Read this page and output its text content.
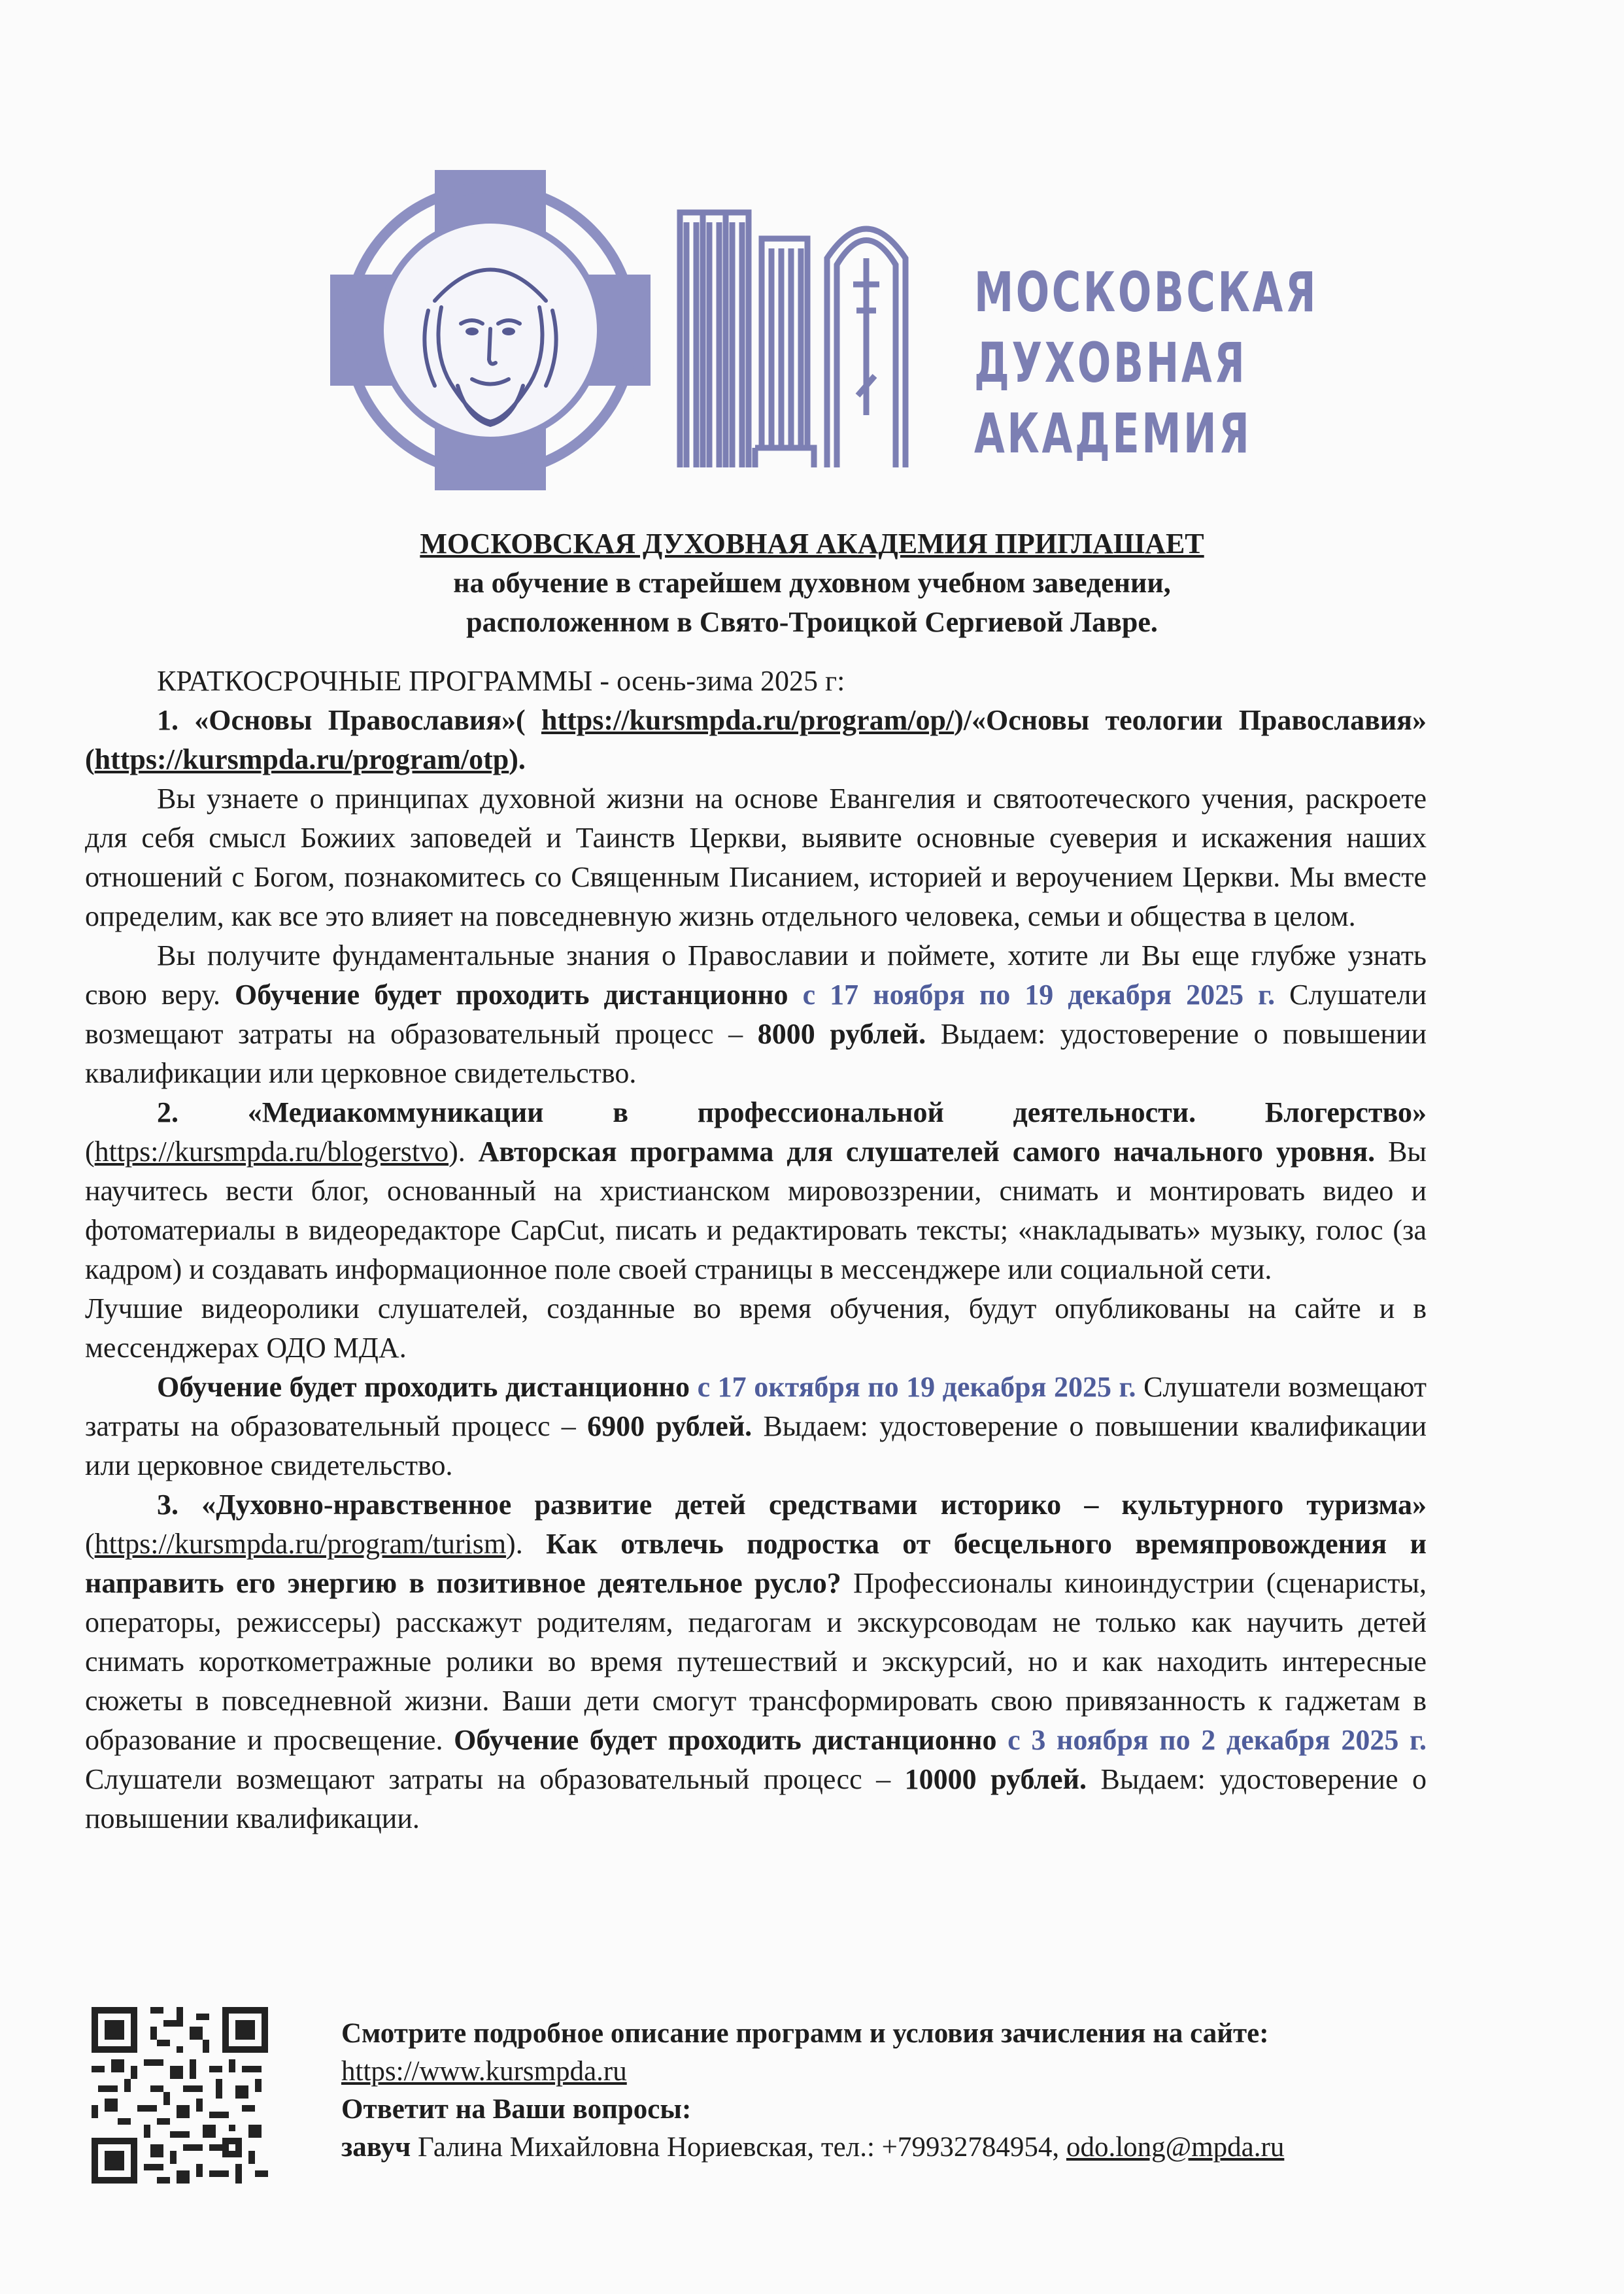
МОСКОВСКАЯ
ДУХОВНАЯ
АКАДЕМИЯ
МОСКОВСКАЯ ДУХОВНАЯ АКАДЕМИЯ ПРИГЛАШАЕТ
на обучение в старейшем духовном учебном заведении,
расположенном в Свято-Троицкой Сергиевой Лавре.

КРАТКОСРОЧНЫЕ ПРОГРАММЫ - осень-зима 2025 г:

1. «Основы Православия»( https://kursmpda.ru/program/op/)/«Основы теологии Православия» (https://kursmpda.ru/program/otp).

Вы узнаете о принципах духовной жизни на основе Евангелия и святоотеческого учения, раскроете для себя смысл Божиих заповедей и Таинств Церкви, выявите основные суеверия и искажения наших отношений с Богом, познакомитесь со Священным Писанием, историей и вероучением Церкви. Мы вместе определим, как все это влияет на повседневную жизнь отдельного человека, семьи и общества в целом.

Вы получите фундаментальные знания о Православии и поймете, хотите ли Вы еще глубже узнать свою веру. Обучение будет проходить дистанционно с 17 ноября по 19 декабря 2025 г. Слушатели возмещают затраты на образовательный процесс – 8000 рублей. Выдаем: удостоверение о повышении квалификации или церковное свидетельство.

2. «Медиакоммуникации в профессиональной деятельности. Блогерство» (https://kursmpda.ru/blogerstvo). Авторская программа для слушателей самого начального уровня. Вы научитесь вести блог, основанный на христианском мировоззрении, снимать и монтировать видео и фотоматериалы в видеоредакторе CapCut, писать и редактировать тексты; «накладывать» музыку, голос (за кадром) и создавать информационное поле своей страницы в мессенджере или социальной сети.

Лучшие видеоролики слушателей, созданные во время обучения, будут опубликованы на сайте и в мессенджерах ОДО МДА.

Обучение будет проходить дистанционно с 17 октября по 19 декабря 2025 г. Слушатели возмещают затраты на образовательный процесс – 6900 рублей. Выдаем: удостоверение о повышении квалификации или церковное свидетельство.

3. «Духовно-нравственное развитие детей средствами историко – культурного туризма» (https://kursmpda.ru/program/turism). Как отвлечь подростка от бесцельного времяпровождения и направить его энергию в позитивное деятельное русло? Профессионалы киноиндустрии (сценаристы, операторы, режиссеры) расскажут родителям, педагогам и экскурсоводам не только как научить детей снимать короткометражные ролики во время путешествий и экскурсий, но и как находить интересные сюжеты в повседневной жизни. Ваши дети смогут трансформировать свою привязанность к гаджетам в образование и просвещение. Обучение будет проходить дистанционно с 3 ноября по 2 декабря 2025 г. Слушатели возмещают затраты на образовательный процесс – 10000 рублей. Выдаем: удостоверение о повышении квалификации.

Смотрите подробное описание программ и условия зачисления на сайте:
https://www.kursmpda.ru
Ответит на Ваши вопросы:
завуч Галина Михайловна Нориевская, тел.: +79932784954, odo.long@mpda.ru
